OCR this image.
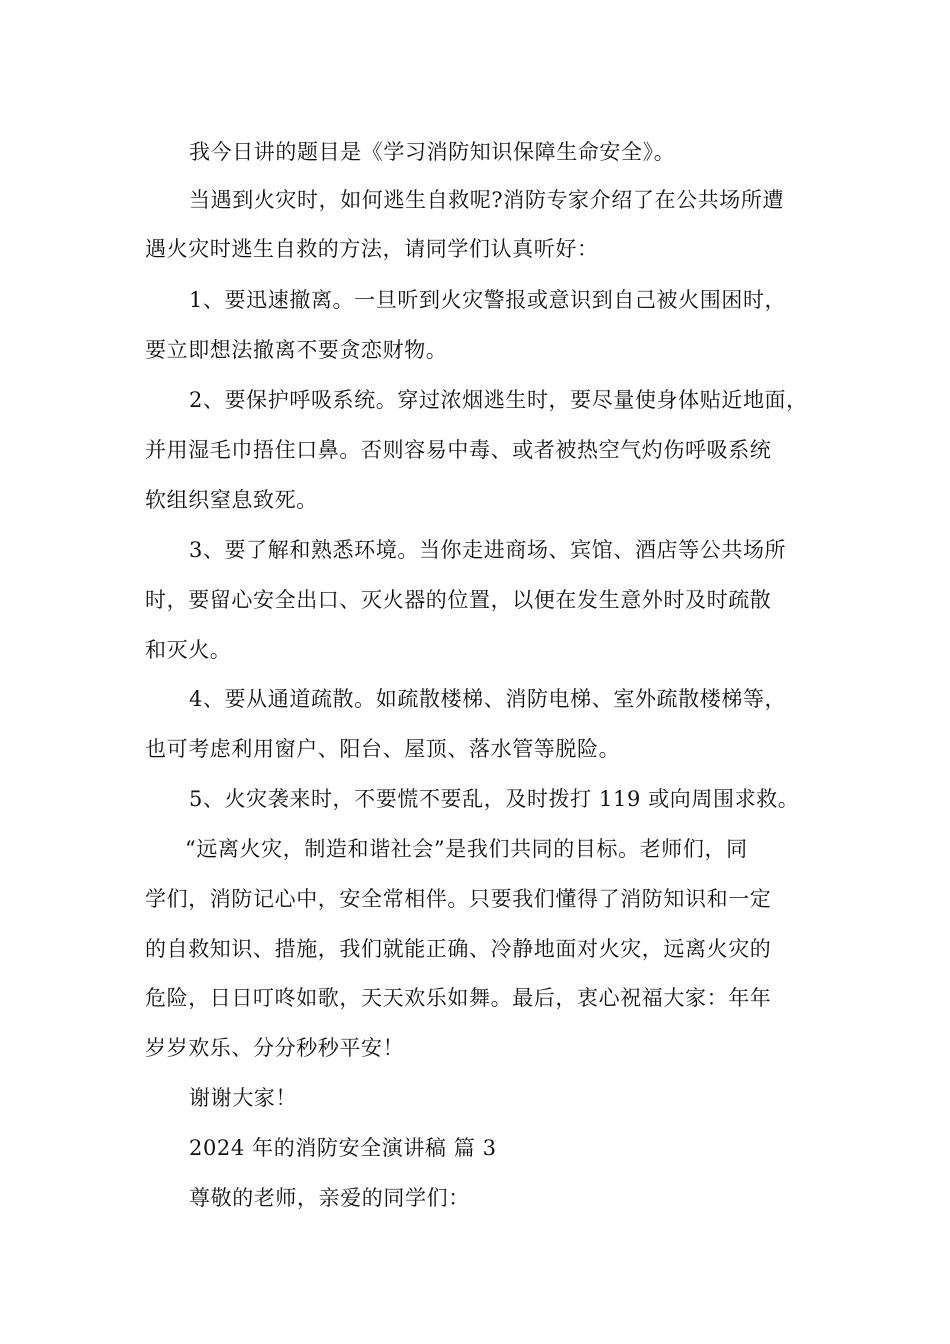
我今日讲的题目是《学习消防知识保障生命安全》。
当遇到火灾时，如何逃生自救呢?消防专家介绍了在公共场所遭
遇火灾时逃生自救的方法，请同学们认真听好：
1、要迅速撤离。一旦听到火灾警报或意识到自己被火围困时，
要立即想法撤离不要贪恋财物。
2、要保护呼吸系统。穿过浓烟逃生时，要尽量使身体贴近地面，
并用湿毛巾捂住口鼻。否则容易中毒、或者被热空气灼伤呼吸系统
软组织窒息致死。
3、要了解和熟悉环境。当你走进商场、宾馆、酒店等公共场所
时，要留心安全出口、灭火器的位置，以便在发生意外时及时疏散
和灭火。
4、要从通道疏散。如疏散楼梯、消防电梯、室外疏散楼梯等，
也可考虑利用窗户、阳台、屋顶、落水管等脱险。
5、火灾袭来时，不要慌不要乱，及时拨打 119 或向周围求救。
“远离火灾，制造和谐社会”是我们共同的目标。老师们，同
学们，消防记心中，安全常相伴。只要我们懂得了消防知识和一定
的自救知识、措施，我们就能正确、冷静地面对火灾，远离火灾的
危险，日日叮咚如歌，天天欢乐如舞。最后，衷心祝福大家：年年
岁岁欢乐、分分秒秒平安！
谢谢大家！
2024 年的消防安全演讲稿 篇 3
尊敬的老师，亲爱的同学们：
